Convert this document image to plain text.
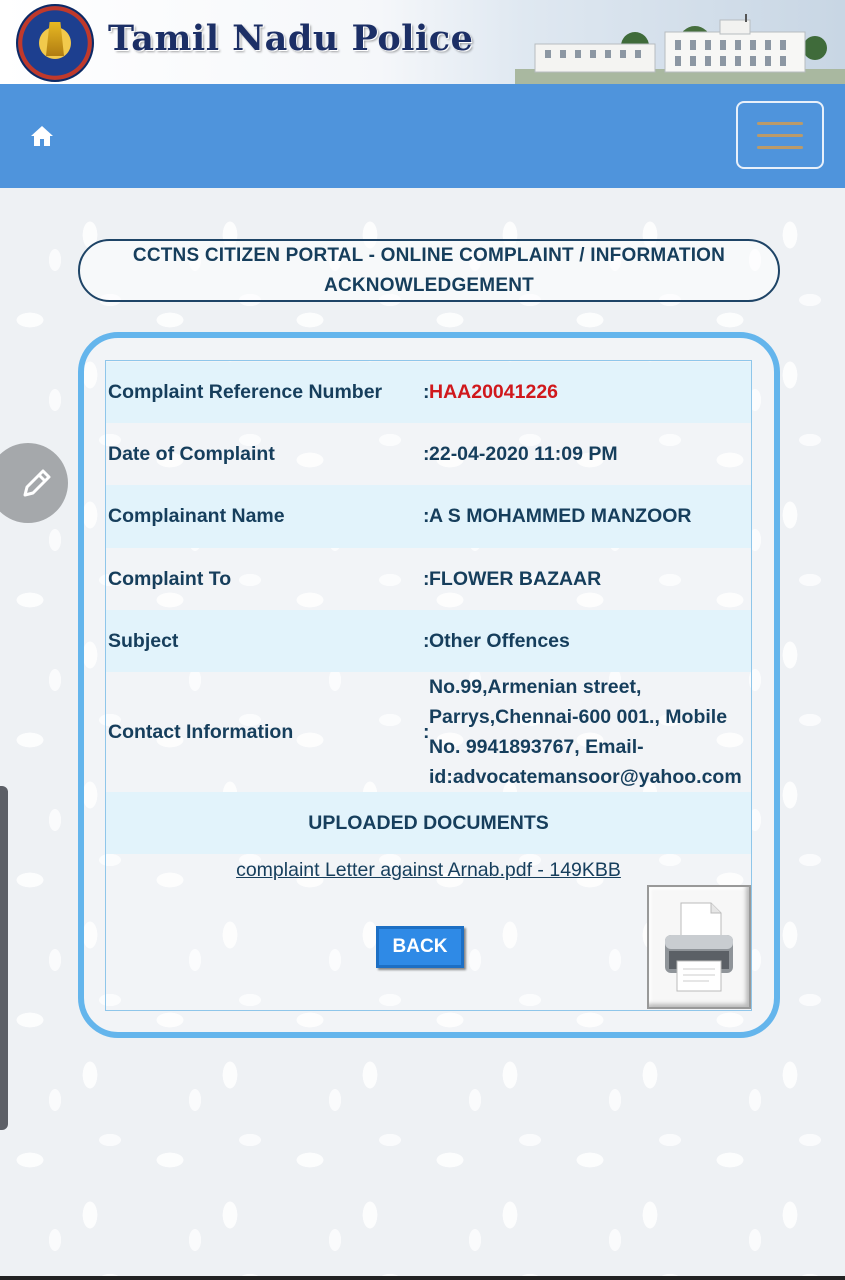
Tamil Nadu Police
CCTNS CITIZEN PORTAL - ONLINE COMPLAINT / INFORMATION ACKNOWLEDGEMENT
Complaint Reference Number : HAA20041226
Date of Complaint	: 22-04-2020 11:09 PM
Complainant Name	: A S MOHAMMED MANZOOR
Complaint To	: FLOWER BAZAAR
Subject	: Other Offences
Contact Information	:
No.99,Armenian street, Parrys,Chennai-600 001., Mobile No. 9941893767, Email-id:advocatemansoor@yahoo.com
UPLOADED DOCUMENTS
complaint Letter against Arnab.pdf - 149KBB
BACK
